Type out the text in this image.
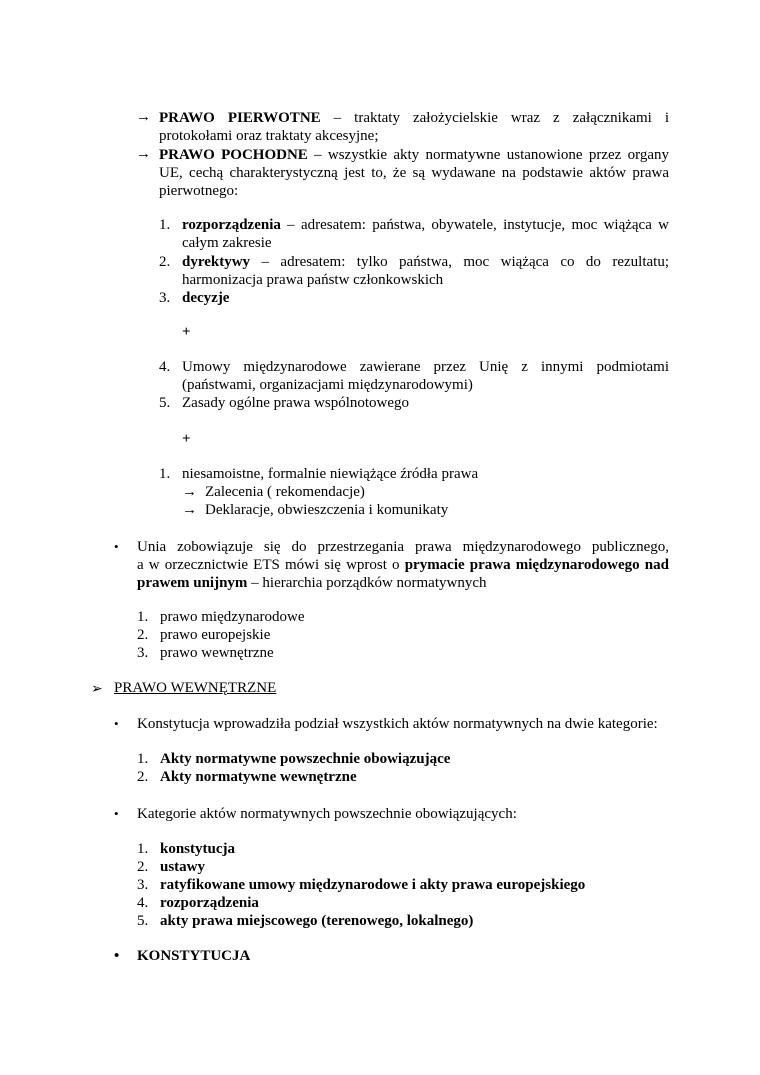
→ PRAWO PIERWOTNE – traktaty założycielskie wraz z załącznikami i
protokołami oraz traktaty akcesyjne;
→ PRAWO POCHODNE – wszystkie akty normatywne ustanowione przez organy
UE, cechą charakterystyczną jest to, że są wydawane na podstawie aktów prawa
pierwotnego:
1. rozporządzenia – adresatem: państwa, obywatele, instytucje, moc wiążąca w
całym zakresie
2. dyrektywy – adresatem: tylko państwa, moc wiążąca co do rezultatu;
harmonizacja prawa państw członkowskich
3. decyzje
+
4. Umowy międzynarodowe zawierane przez Unię z innymi podmiotami
(państwami, organizacjami międzynarodowymi)
5. Zasady ogólne prawa wspólnotowego
+
1. niesamoistne, formalnie niewiążące źródła prawa
→ Zalecenia ( rekomendacje)
→ Deklaracje, obwieszczenia i komunikaty
• Unia zobowiązuje się do przestrzegania prawa międzynarodowego publicznego,
a w orzecznictwie ETS mówi się wprost o prymacie prawa międzynarodowego nad
prawem unijnym – hierarchia porządków normatywnych
1. prawo międzynarodowe
2. prawo europejskie
3. prawo wewnętrzne
➢ PRAWO WEWNĘTRZNE
• Konstytucja wprowadziła podział wszystkich aktów normatywnych na dwie kategorie:
1. Akty normatywne powszechnie obowiązujące
2. Akty normatywne wewnętrzne
• Kategorie aktów normatywnych powszechnie obowiązujących:
1. konstytucja
2. ustawy
3. ratyfikowane umowy międzynarodowe i akty prawa europejskiego
4. rozporządzenia
5. akty prawa miejscowego (terenowego, lokalnego)
• KONSTYTUCJA
